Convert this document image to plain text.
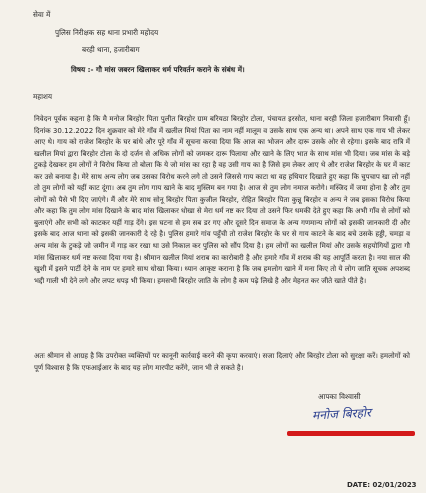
सेवा में
पुलिस निरीक्षक सह थाना प्रभारी महोदय
बरही थाना, हजारीबाग
विषय :- गौ मांस जबरन खिलाकर धर्म परिवर्तन कराने के संबंध में।
महाशय
निवेदन पूर्वक कहना है कि मै मनोज बिरहोर पिता पुलीत बिरहोर ग्राम बरियठा बिरहोर टोला, पंचायत इरसोत, थाना बरही जिला हजारीबाग निवासी हूँ। दिनांक 30.12.2022 दिन शुक्रवार को मेरे गाँव में खलील मियां पिता का नाम नहीं मालूम व उसके साथ एक अन्य था। अपने साथ एक गाय भी लेकर आए थे। गाय को राजेश बिरहोर के घर बांधे और पूरे गाँव में सूचना करवा दिया कि आज का भोजन और दारू उसके ओर से रहेगा। इसके बाद रात्रि में खलील मियां द्वारा बिरहोर टोला के दो दर्जन से अधिक लोगों को जमकर दारू पिलाया और खाने के लिए भात के साथ मांस भी दिया। जब मांस के बड़े टुकड़े देखकर हम लोगों ने विरोध किया तो बोला कि ये जो मांस का रहा है वह उसी गाय का है जिसे हम लेकर आए थे और राजेश बिरहोर के घर में काट कर उसे बनाया है। मेरे साथ अन्य लोग जब उसका विरोध करने लगे तो उसने जिससे गाय काटा था वह हथियार दिखाते हुए कहा कि चुपचाप खा लो नहीं तो तुम लोगों को यहीं काट दूंगा। अब तुम लोग गाय खाने के बाद मुस्लिम बन गया है। आज से तुम लोग नमाज करोगे। मस्जिद में जमा होना है और तुम लोगों को पैसे भी दिए जाएंगे। मैं और मेरे साथ सोनू बिरहोर पिता कुजील बिरहोर, रोहित बिरहोर पिता कुन्नू बिरहोर व अन्य ने जब इसका विरोध किया और कहा कि तुम लोग मांस दिखाने के बाद मांस खिलाकर धोखा से मेरा धर्म नष्ट कर दिया तो उसने फिर धमकी देते हुए कहा कि अभी गाँव से लोगों को बुलाएंगे और सभी को काटकर यहीं गाड़ देंगे। इस घटना से हम सब डर गए और दूसरे दिन समाज के अन्य गणमान्य लोगों को इसकी जानकारी दी और इसके बाद आज थाना को इसकी जानकारी दे रहे है। पुलिस हमारे गांव पहुँची तो राजेश बिरहोर के घर से गाय काटने के बाद बचे उसके हड्डी, चमड़ा व अन्य मांस के टुकड़े जो जमीन में गाड़ कर रखा था उसे निकाल कर पुलिस को सौंप दिया है। हम लोगों का खलील मियां और उसके सहयोगियों द्वारा गौ मांस खिलाकर धर्म नष्ट करवा दिया गया है। श्रीमान खलील मियां शराब का कारोबारी है और हमारे गाँव में शराब की यह आपूर्ति करता है। नया साल की खुशी में इसने पार्टी देने के नाम पर हमारे साथ धोखा किया। ध्यान आकृष्ट कराना है कि जब हमलोग खाने में मना किए तो ये लोग जाति सूचक अपशब्द भद्दी गाली भी देने लगे और लपट धपड़ भी किया। हमसभी बिरहोर जाति के लोग है कम पढ़े लिखे है और मेहनत कर जीते खाते पीते है।
अतः श्रीमान से आग्रह है कि उपरोक्त व्यक्तियों पर कानूनी कार्रवाई करने की कृपा करवाएं। सजा दिलाएं और बिरहोर टोला को सुरक्षा करें। हमलोगों को पूर्ण विश्वास है कि एफआईआर के बाद यह लोग मारपीट करेंगे, जान भी ले सकते है।
आपका विश्वासी
मनोज बिरहोर
DATE: 02/01/2023
